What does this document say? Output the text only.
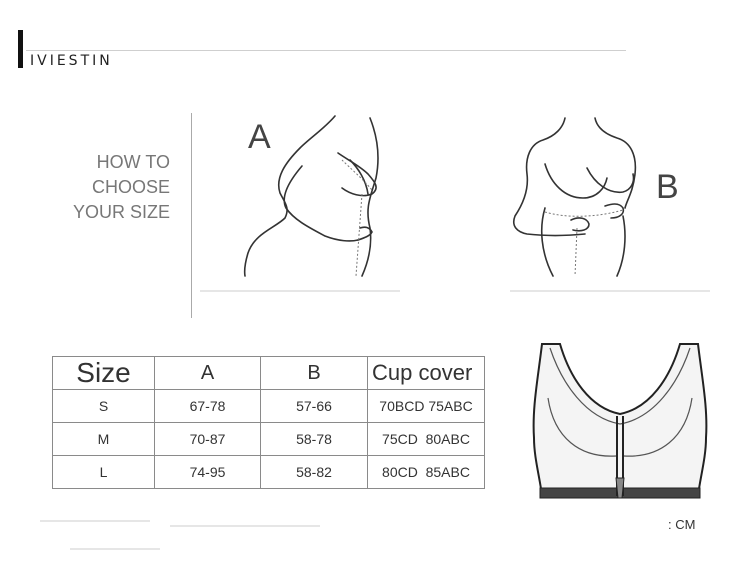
IVIESTIN
HOW TO
CHOOSE
YOUR SIZE
A
B
Size	A	B	Cup cover
S	67-78	57-66	70BCD 75ABC
M	70-87	58-78	75CD  80ABC
L	74-95	58-82	80CD  85ABC
: CM
